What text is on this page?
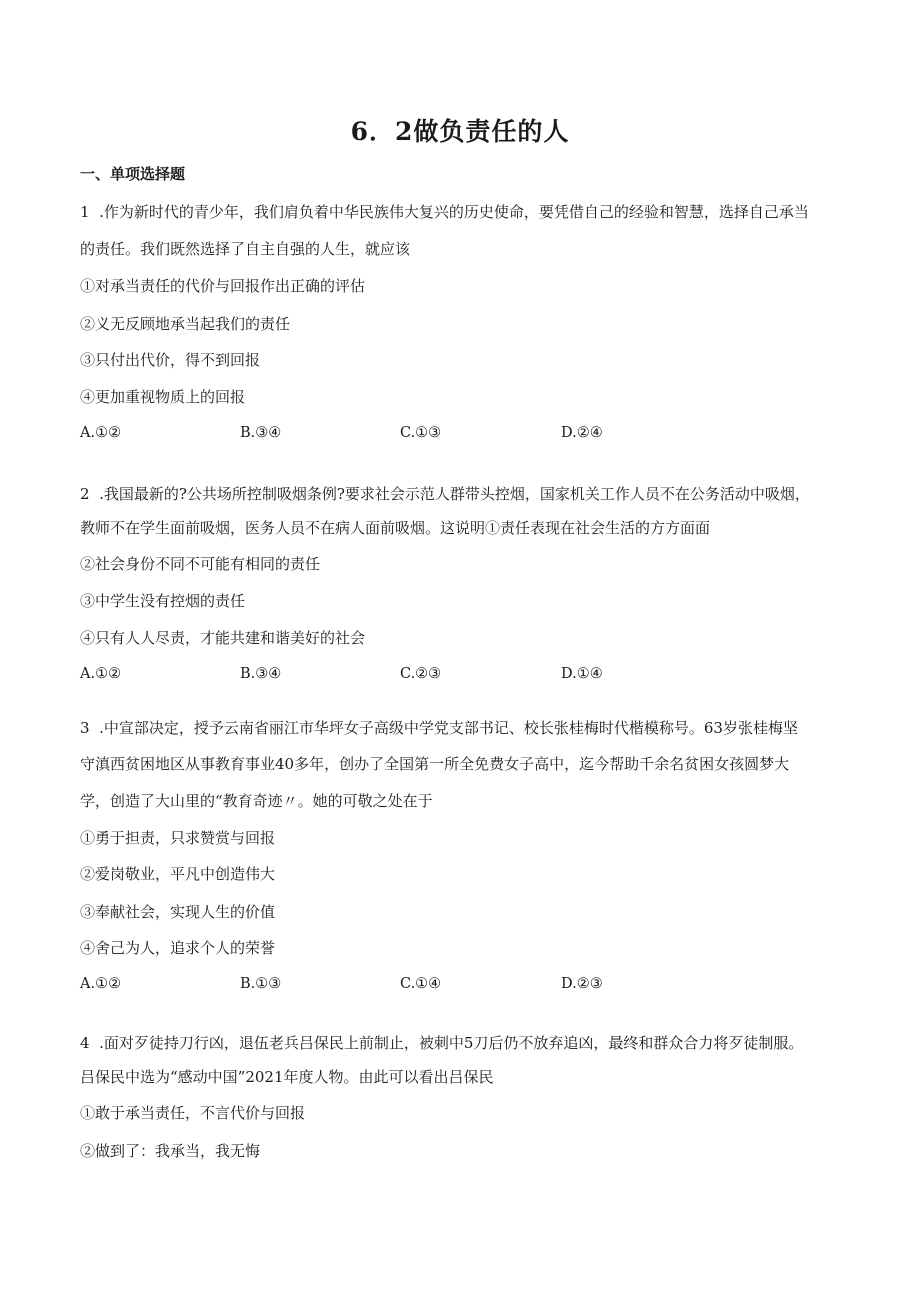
6．2做负责任的人
一、单项选择题
1  .作为新时代的青少年，我们肩负着中华民族伟大复兴的历史使命，要凭借自己的经验和智慧，选择自己承当
的责任。我们既然选择了自主自强的人生，就应该
①对承当责任的代价与回报作出正确的评估
②义无反顾地承当起我们的责任
③只付出代价，得不到回报
④更加重视物质上的回报
A.①②	B.③④	C.①③	D.②④
2  .我国最新的?公共场所控制吸烟条例?要求社会示范人群带头控烟，国家机关工作人员不在公务活动中吸烟，
教师不在学生面前吸烟，医务人员不在病人面前吸烟。这说明①责任表现在社会生活的方方面面
②社会身份不同不可能有相同的责任
③中学生没有控烟的责任
④只有人人尽责，才能共建和谐美好的社会
A.①②	B.③④	C.②③	D.①④
3  .中宣部决定，授予云南省丽江市华坪女子高级中学党支部书记、校长张桂梅时代楷模称号。63岁张桂梅坚
守滇西贫困地区从事教育事业40多年，创办了全国第一所全免费女子高中，迄今帮助千余名贫困女孩圆梦大
学，创造了大山里的“教育奇迹〃。她的可敬之处在于
①勇于担责，只求赞赏与回报
②爱岗敬业，平凡中创造伟大
③奉献社会，实现人生的价值
④舍己为人，追求个人的荣誉
A.①②	B.①③	C.①④	D.②③
4  .面对歹徒持刀行凶，退伍老兵吕保民上前制止，被刺中5刀后仍不放弃追凶，最终和群众合力将歹徒制服。
吕保民中选为“感动中国”2021年度人物。由此可以看出吕保民
①敢于承当责任，不言代价与回报
②做到了：我承当，我无悔
